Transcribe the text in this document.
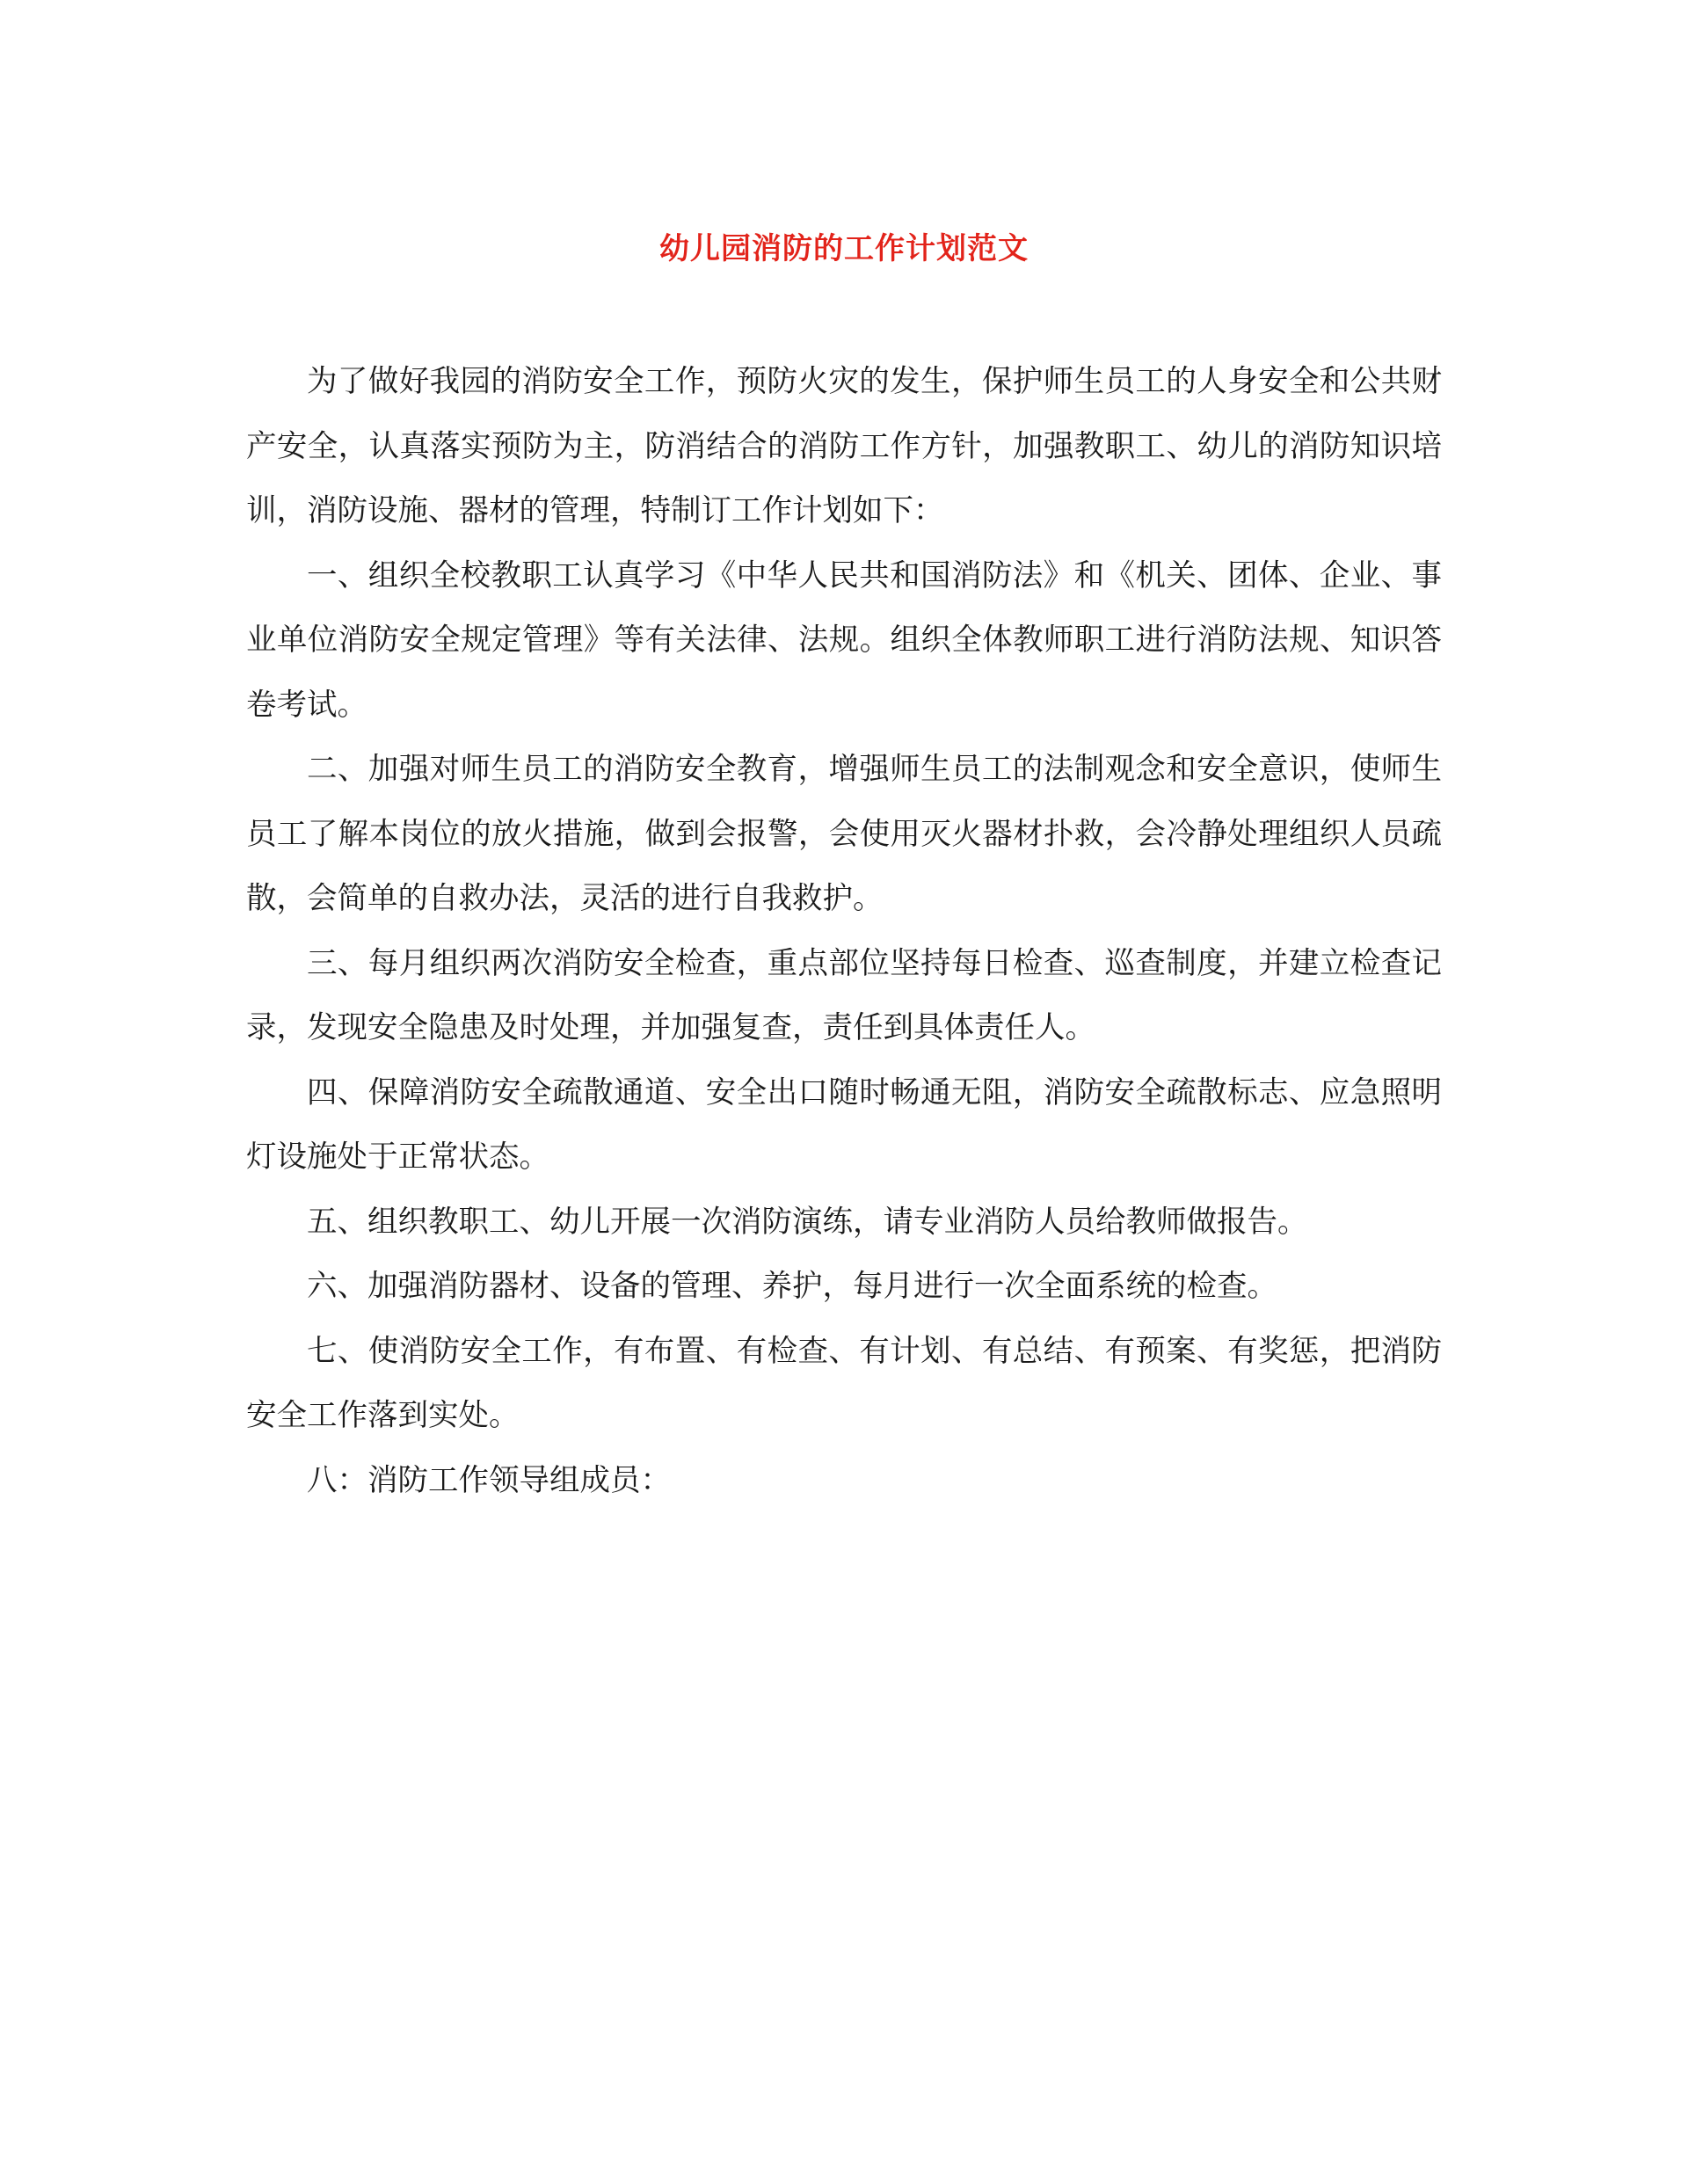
幼儿园消防的工作计划范文

为了做好我园的消防安全工作，预防火灾的发生，保护师生员工的人身安全和公共财产安全，认真落实预防为主，防消结合的消防工作方针，加强教职工、幼儿的消防知识培训，消防设施、器材的管理，特制订工作计划如下：

一、组织全校教职工认真学习《中华人民共和国消防法》和《机关、团体、企业、事业单位消防安全规定管理》等有关法律、法规。组织全体教师职工进行消防法规、知识答卷考试。

二、加强对师生员工的消防安全教育，增强师生员工的法制观念和安全意识，使师生员工了解本岗位的放火措施，做到会报警，会使用灭火器材扑救，会冷静处理组织人员疏散，会简单的自救办法，灵活的进行自我救护。

三、每月组织两次消防安全检查，重点部位坚持每日检查、巡查制度，并建立检查记录，发现安全隐患及时处理，并加强复查，责任到具体责任人。

四、保障消防安全疏散通道、安全出口随时畅通无阻，消防安全疏散标志、应急照明灯设施处于正常状态。

五、组织教职工、幼儿开展一次消防演练，请专业消防人员给教师做报告。

六、加强消防器材、设备的管理、养护，每月进行一次全面系统的检查。

七、使消防安全工作，有布置、有检查、有计划、有总结、有预案、有奖惩，把消防安全工作落到实处。

八：消防工作领导组成员：
